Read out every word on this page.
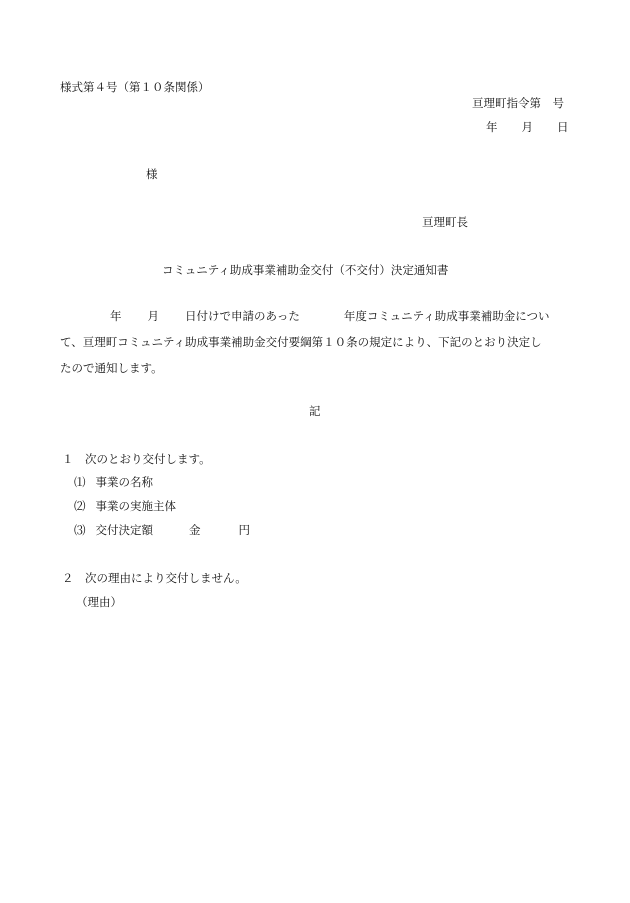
様式第４号（第１０条関係）
亘理町指令第　号
年 月 日
様
亘理町長
コミュニティ助成事業補助金交付（不交付）決定通知書
年 月 日付けで申請のあった	年度コミュニティ助成事業補助金につい
て、亘理町コミュニティ助成事業補助金交付要綱第１０条の規定により、下記のとおり決定し
たので通知します。
記
１　次のとおり交付します。
⑴ 事業の名称
⑵ 事業の実施主体
⑶ 交付決定額	金	円
２　次の理由により交付しません。
（理由）
